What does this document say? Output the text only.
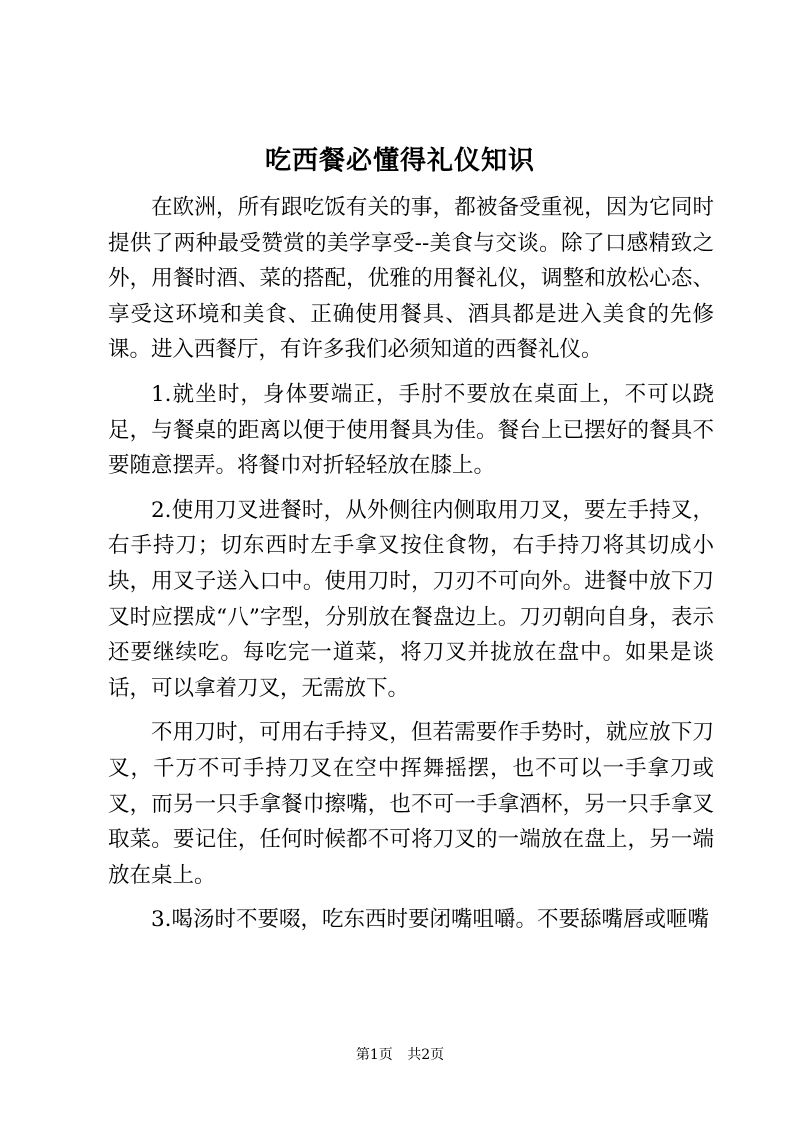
吃西餐必懂得礼仪知识

在欧洲，所有跟吃饭有关的事，都被备受重视，因为它同时提供了两种最受赞赏的美学享受--美食与交谈。除了口感精致之外，用餐时酒、菜的搭配，优雅的用餐礼仪，调整和放松心态、享受这环境和美食、正确使用餐具、酒具都是进入美食的先修课。进入西餐厅，有许多我们必须知道的西餐礼仪。

1.就坐时，身体要端正，手肘不要放在桌面上，不可以跷足，与餐桌的距离以便于使用餐具为佳。餐台上已摆好的餐具不要随意摆弄。将餐巾对折轻轻放在膝上。

2.使用刀叉进餐时，从外侧往内侧取用刀叉，要左手持叉，右手持刀；切东西时左手拿叉按住食物，右手持刀将其切成小块，用叉子送入口中。使用刀时，刀刃不可向外。进餐中放下刀叉时应摆成“八”字型，分别放在餐盘边上。刀刃朝向自身，表示还要继续吃。每吃完一道菜，将刀叉并拢放在盘中。如果是谈话，可以拿着刀叉，无需放下。

不用刀时，可用右手持叉，但若需要作手势时，就应放下刀叉，千万不可手持刀叉在空中挥舞摇摆，也不可以一手拿刀或叉，而另一只手拿餐巾擦嘴，也不可一手拿酒杯，另一只手拿叉取菜。要记住，任何时候都不可将刀叉的一端放在盘上，另一端放在桌上。

3.喝汤时不要啜，吃东西时要闭嘴咀嚼。不要舔嘴唇或咂嘴

第1页 共2页
